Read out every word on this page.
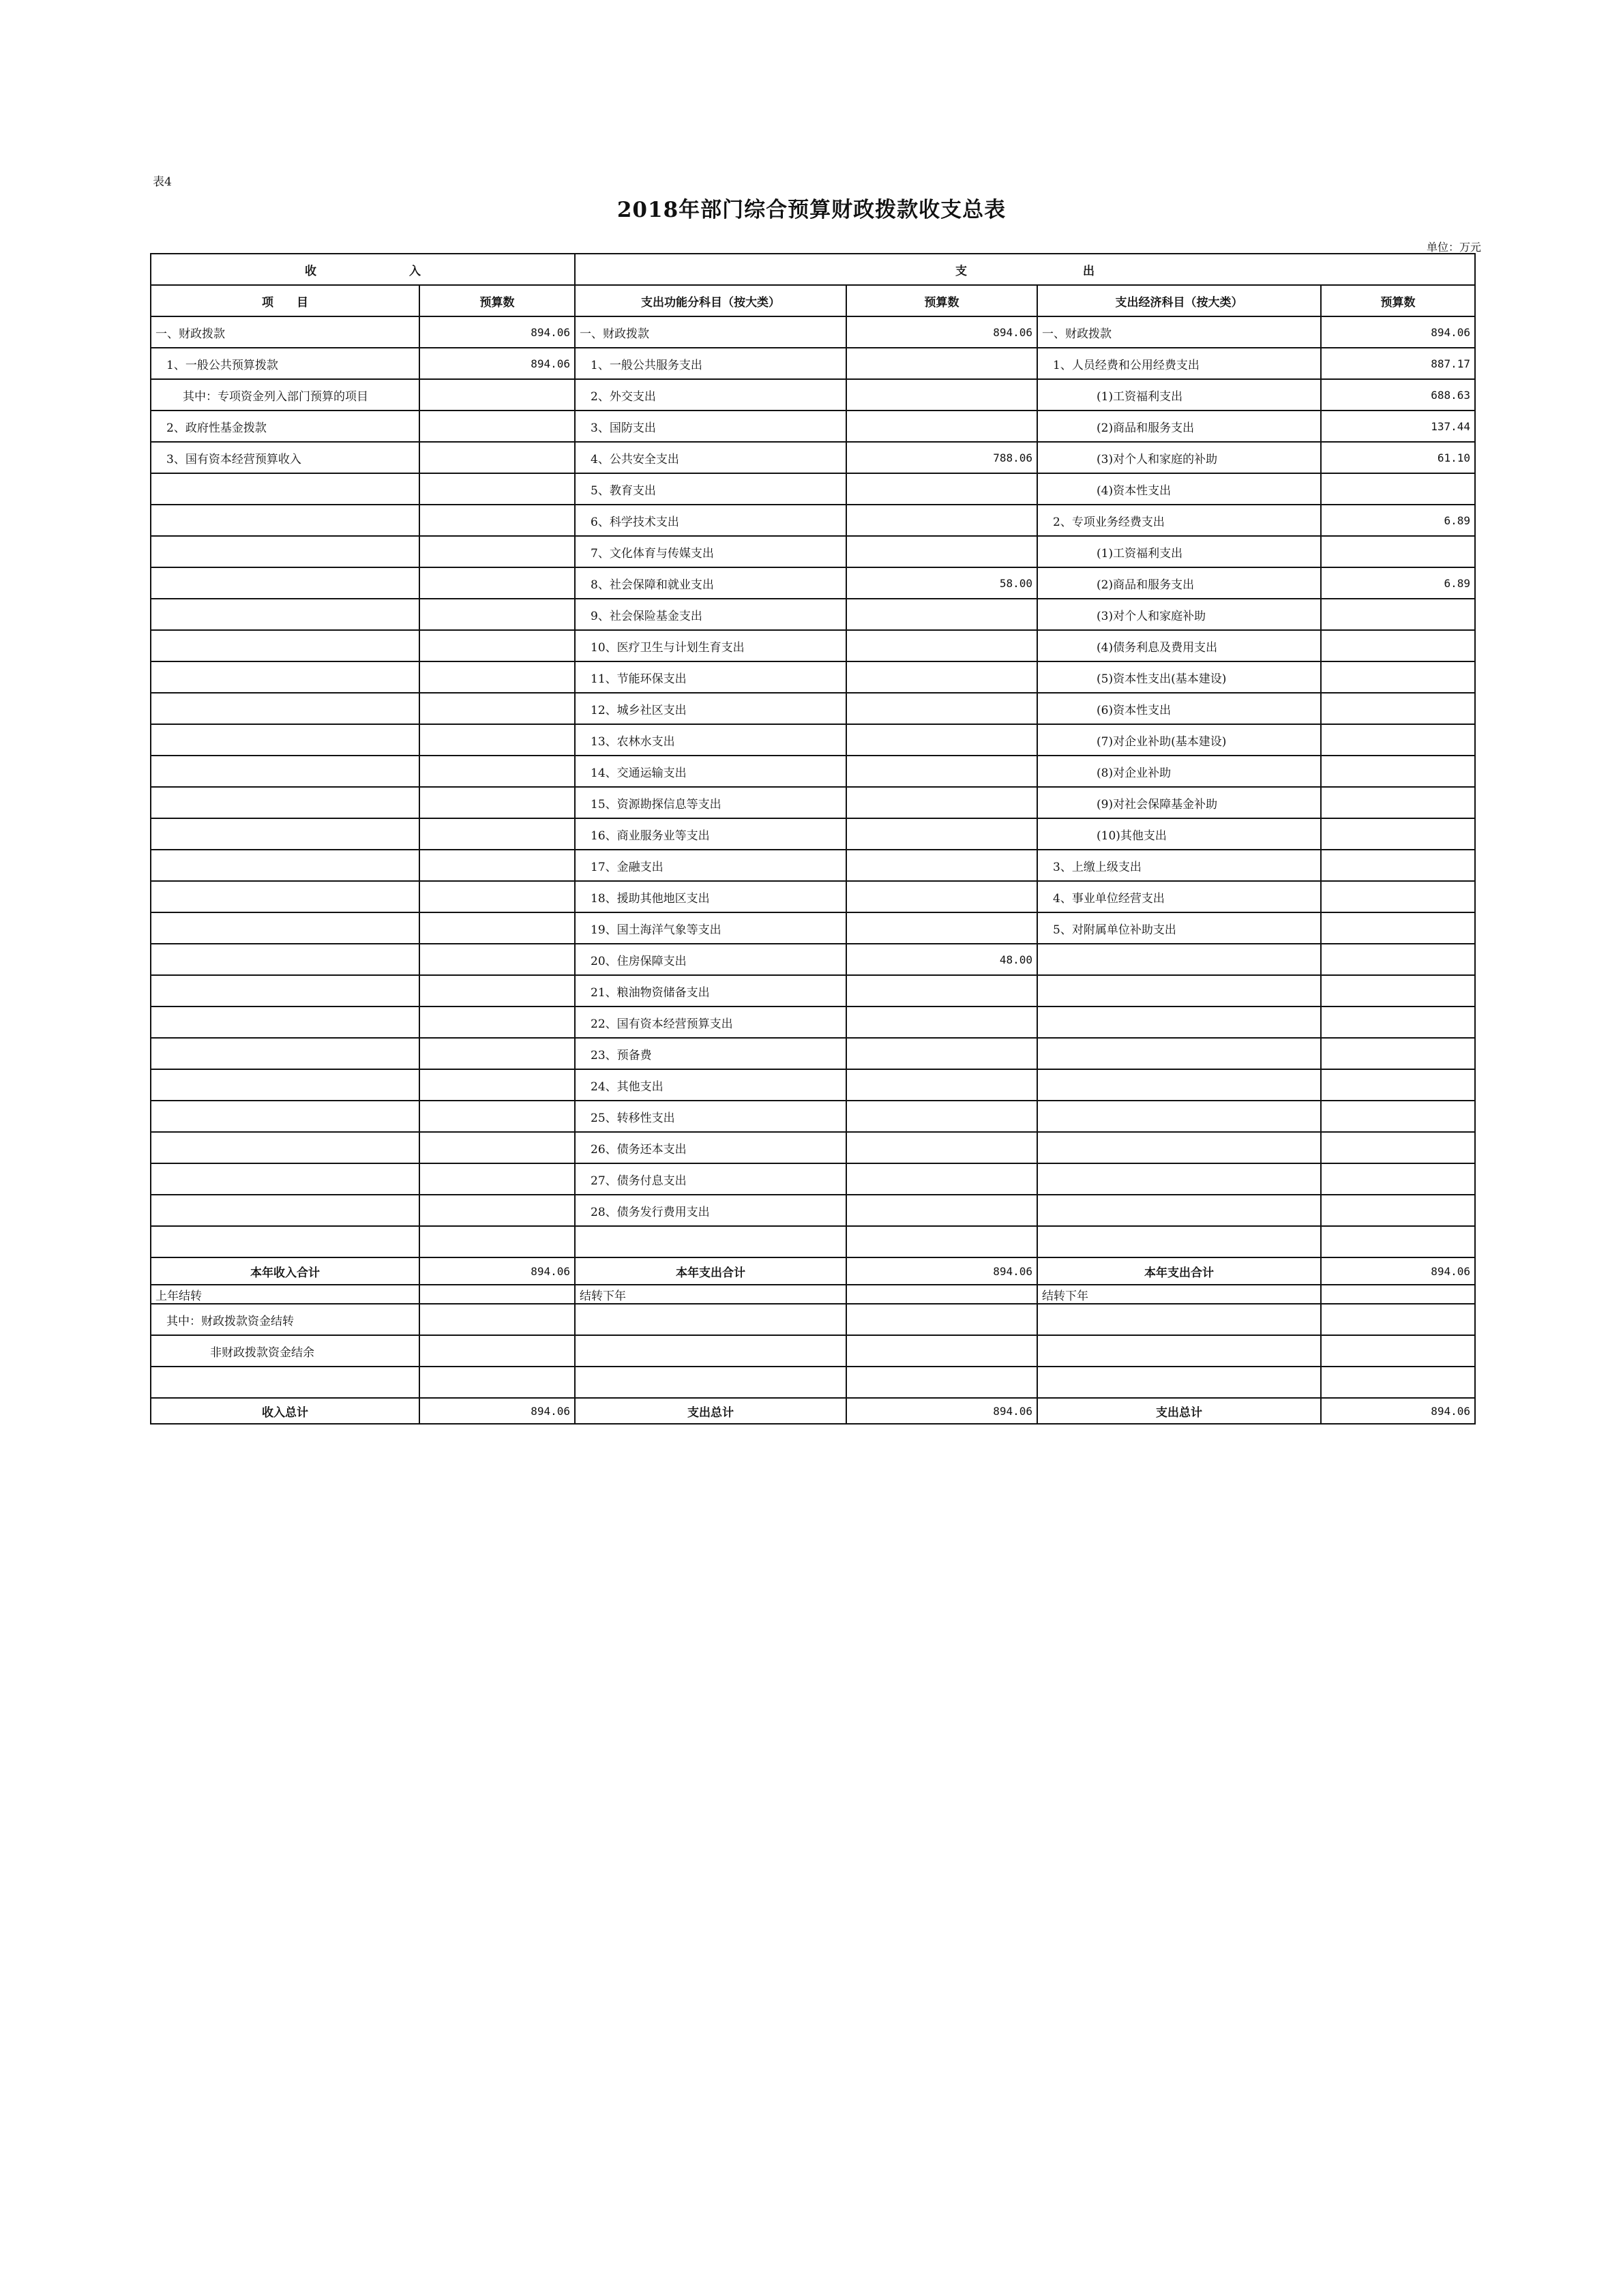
表4
2018年部门综合预算财政拨款收支总表
单位：万元
收　　　　　　　　入		支　　　　　　　　　　出			
项　　目	预算数	支出功能分科目（按大类）	预算数	支出经济科目（按大类）	预算数
一、财政拨款	894.06	一、财政拨款	894.06	一、财政拨款	894.06
1、一般公共预算拨款	894.06	1、一般公共服务支出		1、人员经费和公用经费支出	887.17
其中：专项资金列入部门预算的项目		2、外交支出		(1)工资福利支出	688.63
2、政府性基金拨款		3、国防支出		(2)商品和服务支出	137.44
3、国有资本经营预算收入		4、公共安全支出	788.06	(3)对个人和家庭的补助	61.10
		5、教育支出		(4)资本性支出	
		6、科学技术支出		2、专项业务经费支出	6.89
		7、文化体育与传媒支出		(1)工资福利支出	
		8、社会保障和就业支出	58.00	(2)商品和服务支出	6.89
		9、社会保险基金支出		(3)对个人和家庭补助	
		10、医疗卫生与计划生育支出		(4)债务利息及费用支出	
		11、节能环保支出		(5)资本性支出(基本建设)	
		12、城乡社区支出		(6)资本性支出	
		13、农林水支出		(7)对企业补助(基本建设)	
		14、交通运输支出		(8)对企业补助	
		15、资源勘探信息等支出		(9)对社会保障基金补助	
		16、商业服务业等支出		(10)其他支出	
		17、金融支出		3、上缴上级支出	
		18、援助其他地区支出		4、事业单位经营支出	
		19、国土海洋气象等支出		5、对附属单位补助支出	
		20、住房保障支出	48.00		
		21、粮油物资储备支出			
		22、国有资本经营预算支出			
		23、预备费			
		24、其他支出			
		25、转移性支出			
		26、债务还本支出			
		27、债务付息支出			
		28、债务发行费用支出			

本年收入合计	894.06	本年支出合计	894.06	本年支出合计	894.06
上年结转		结转下年		结转下年	
其中：财政拨款资金结转					
非财政拨款资金结余					

收入总计	894.06	支出总计	894.06	支出总计	894.06
